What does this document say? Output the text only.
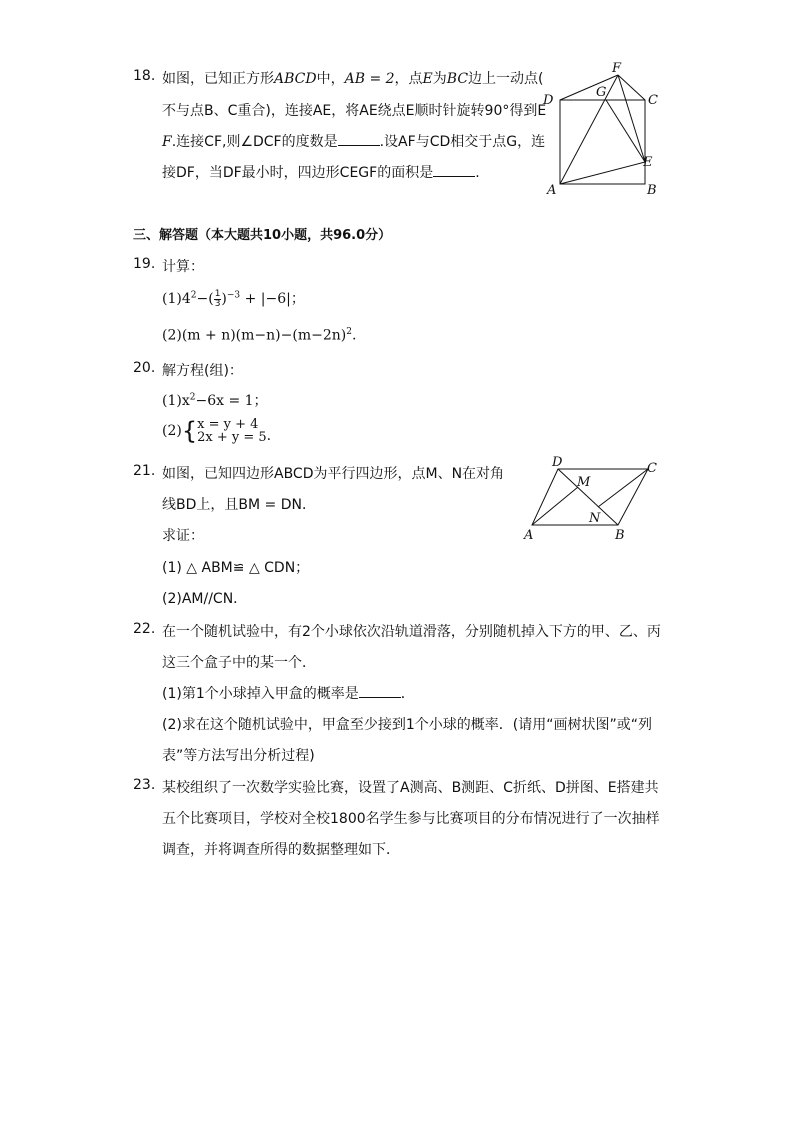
18. 如图，已知正方形ABCD中，AB = 2，点E为BC边上一动点(
不与点B、C重合)，连接AE，将AE绕点E顺时针旋转90°得到E
F.连接CF,则∠DCF的度数是	.设AF与CD相交于点G，连
接DF，当DF最小时，四边形CEGF的面积是	.
F
D
G
C
E
A	B
三、解答题（本大题共10小题，共96.0分）
19. 计算：
$(1)4^2-( \frac{1}{3} )^{-3} + |-6|$；
$(2)(m + n)(m-n)-(m-2n)^2$.
20. 解方程(组)：
$(1)x^2-6x = 1$；
(2){ x = y + 4
2x + y = 5 .
21. 如图，已知四边形ABCD为平行四边形，点M、N在对角
线BD上，且BM = DN．
求证：
(1) △ ABM≌ △ CDN；
(2)AM//CN．
D	C
M
N
A	B
22. 在一个随机试验中，有2个小球依次沿轨道滑落，分别随机掉入下方的甲、乙、丙
这三个盒子中的某一个．
(1)第1个小球掉入甲盒的概率是	．
(2)求在这个随机试验中，甲盒至少接到1个小球的概率．(请用“画树状图”或“列
表”等方法写出分析过程)
23. 某校组织了一次数学实验比赛，设置了A测高、B测距、C折纸、D拼图、E搭建共
五个比赛项目，学校对全校1800名学生参与比赛项目的分布情况进行了一次抽样
调查，并将调查所得的数据整理如下．
